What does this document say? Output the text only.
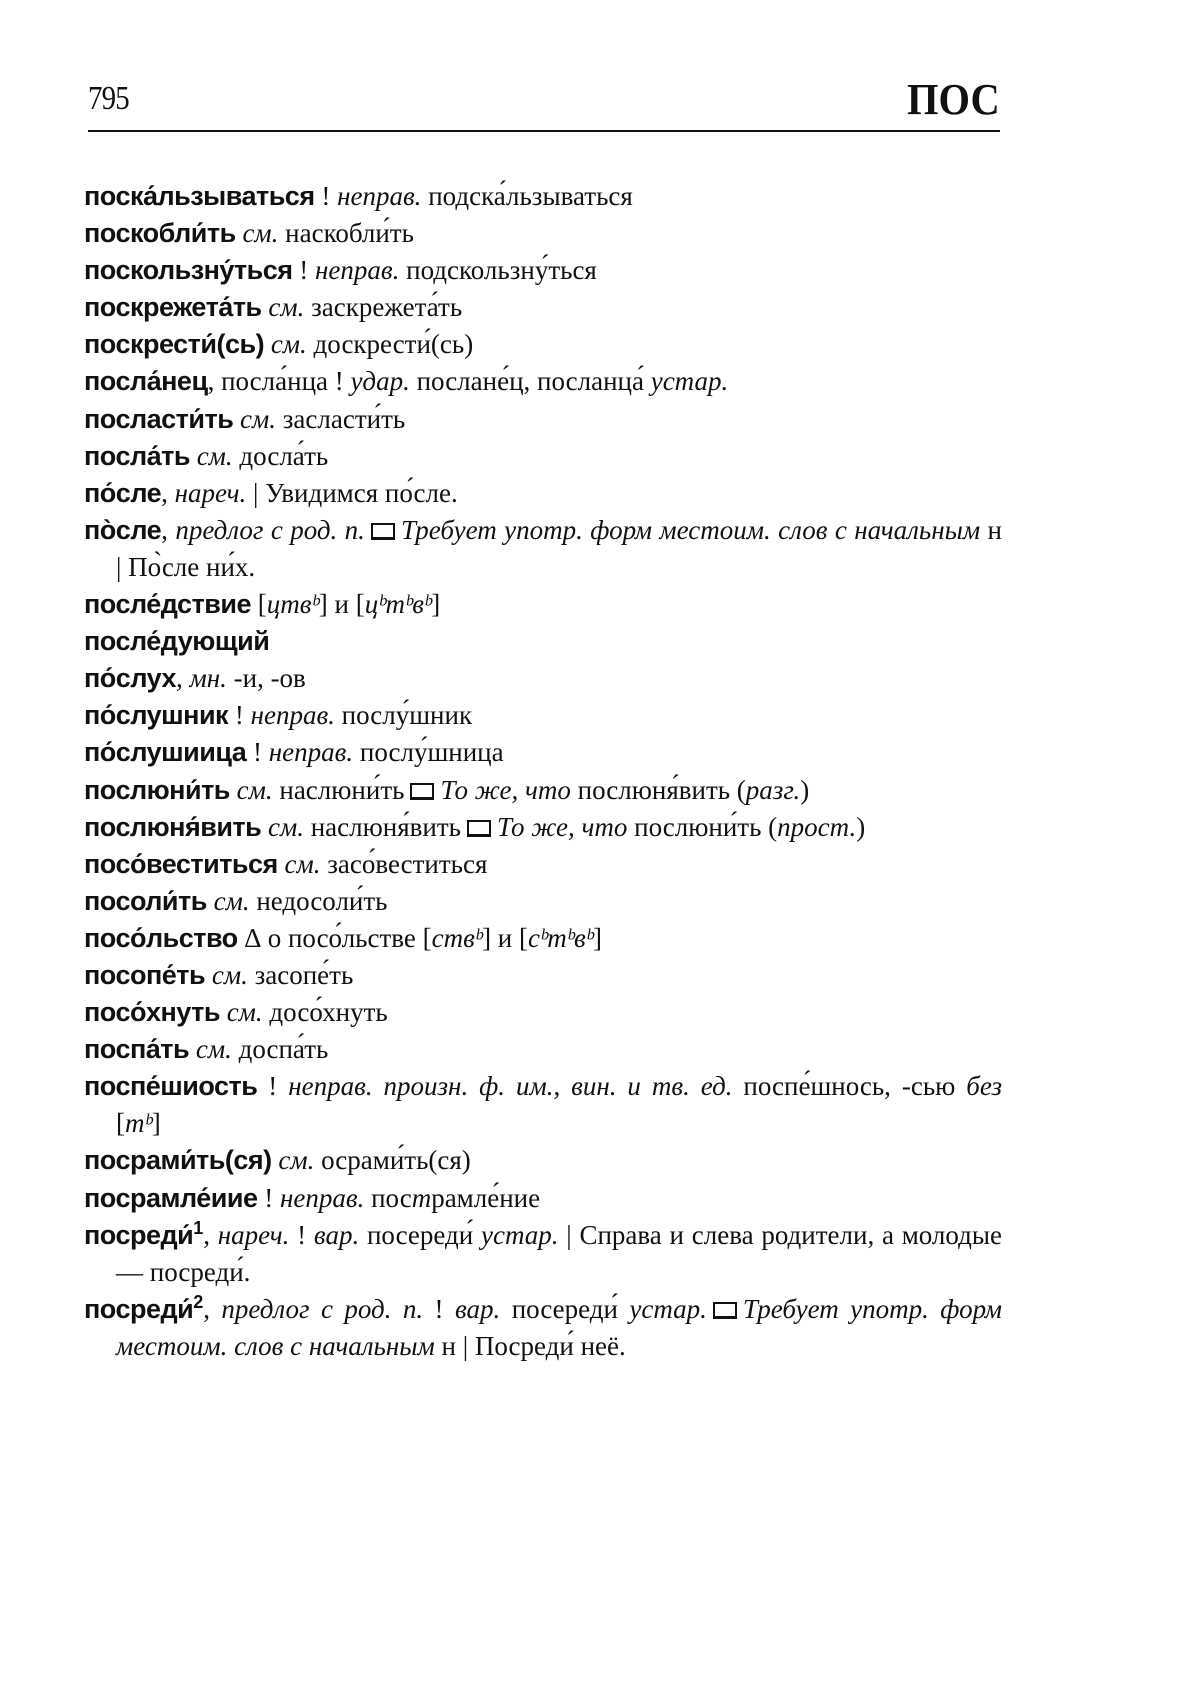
795	ПОС
поска́льзываться ! неправ. подска́льзываться
поскобли́ть см. наскобли́ть
поскользну́ться ! неправ. подскользну́ться
поскрежета́ть см. заскрежета́ть
поскрести́(сь) см. доскрести́(сь)
посла́нец, посла́нца ! удар. послане́ц, посланца́ устар.
посласти́ть см. засласти́ть
посла́ть см. досла́ть
по́сле, нареч. | Увидимся по́сле.
по̀сле, предлог с род. п. Требует употр. форм местоим. слов с начальным н | По̀сле ни́х.
после́дствие [цтвᵇ] и [цᵇтᵇвᵇ]
после́дующий
по́слух, мн. -и, -ов
по́слушник ! неправ. послу́шник
по́слушиица ! неправ. послу́шница
послюни́ть см. наслюни́ть То же, что послюня́вить (разг.)
послюня́вить см. наслюня́вить То же, что послюни́ть (прост.)
посо́веститься см. засо́веститься
посоли́ть см. недосоли́ть
посо́льство ∆ о посо́льстве [ствᵇ] и [сᵇтᵇвᵇ]
посопе́ть см. засопе́ть
посо́хнуть см. досо́хнуть
поспа́ть см. доспа́ть
поспе́шиость ! неправ. произн. ф. им., вин. и тв. ед. поспе́шнось, -сью без [тᵇ]
посрами́ть(ся) см. осрами́ть(ся)
посрамле́иие ! неправ. пострамле́ние
посреди́$^1$, нареч. ! вар. посереди́ устар. | Справа и слева родители, а молодые — посреди́.
посреди́$^2$, предлог с род. п. ! вар. посереди́ устар. Требует употр. форм местоим. слов с начальным н | Посреди́ неё.
